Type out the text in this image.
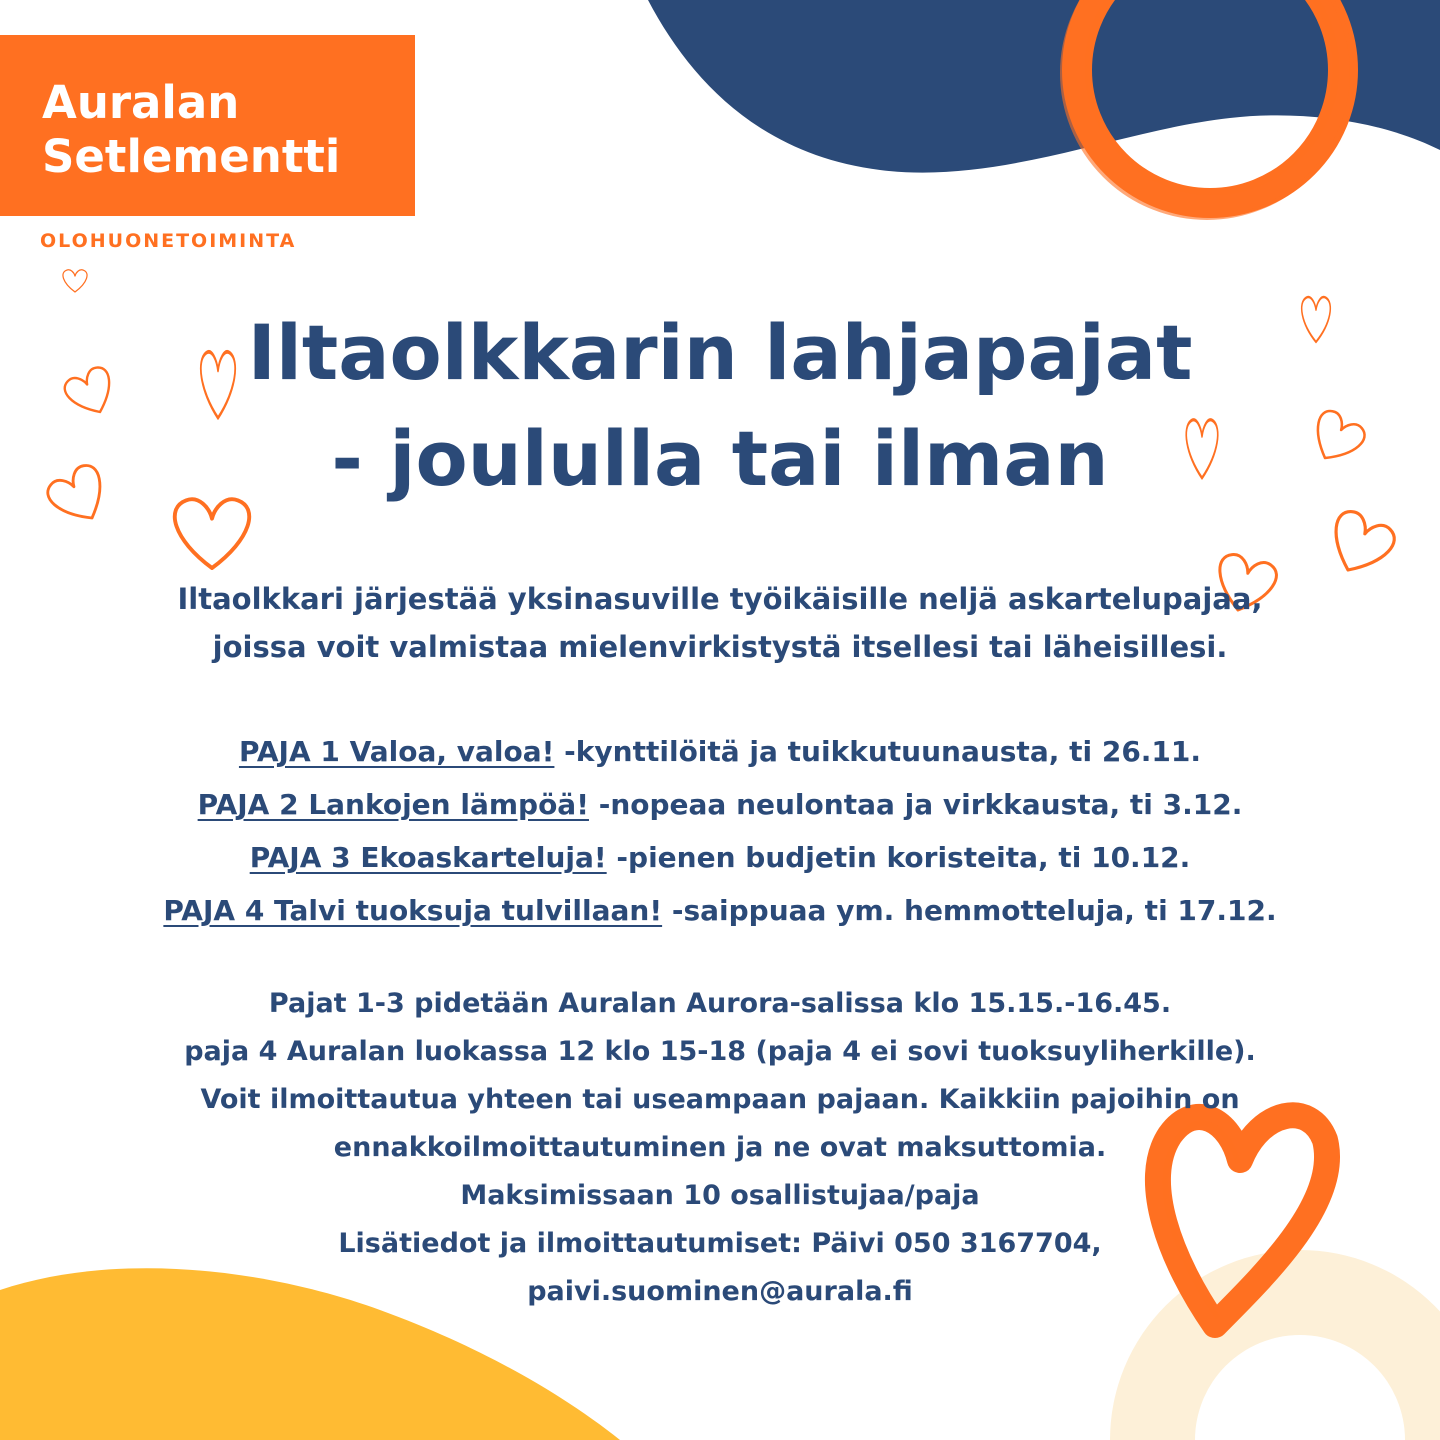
Auralan
Setlementti
OLOHUONETOIMINTA
Iltaolkkarin lahjapajat
- joululla tai ilman
Iltaolkkari järjestää yksinasuville työikäisille neljä askartelupajaa,
joissa voit valmistaa mielenvirkistystä itsellesi tai läheisillesi.
PAJA 1 Valoa, valoa! -kynttilöitä ja tuikkutuunausta, ti 26.11.
PAJA 2 Lankojen lämpöä! -nopeaa neulontaa ja virkkausta, ti 3.12.
PAJA 3 Ekoaskarteluja! -pienen budjetin koristeita, ti 10.12.
PAJA 4 Talvi tuoksuja tulvillaan! -saippuaa ym. hemmotteluja, ti 17.12.
Pajat 1-3 pidetään Auralan Aurora-salissa klo 15.15.-16.45.
paja 4 Auralan luokassa 12 klo 15-18 (paja 4 ei sovi tuoksuyliherkille).
Voit ilmoittautua yhteen tai useampaan pajaan. Kaikkiin pajoihin on
ennakkoilmoittautuminen ja ne ovat maksuttomia.
Maksimissaan 10 osallistujaa/paja
Lisätiedot ja ilmoittautumiset: Päivi 050 3167704,
paivi.suominen@aurala.fi
